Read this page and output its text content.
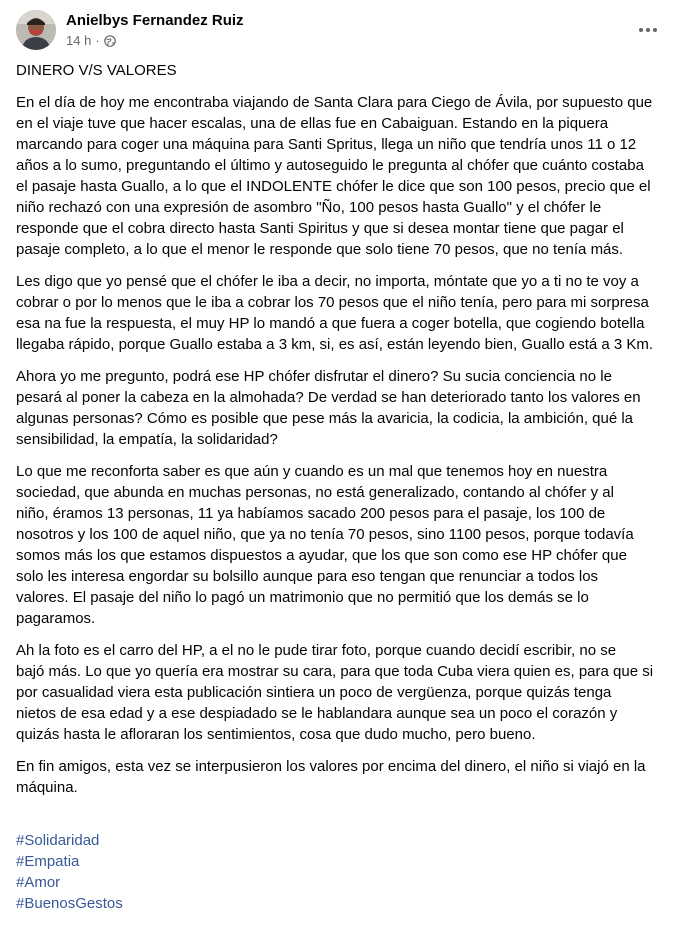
Anielbys Fernandez Ruiz
14 h ·

DINERO V/S VALORES

En el día de hoy me encontraba viajando de Santa Clara para Ciego de Ávila, por supuesto que
en el viaje tuve que hacer escalas, una de ellas fue en Cabaiguan. Estando en la piquera
marcando para coger una máquina para Santi Spritus, llega un niño que tendría unos 11 o 12
años a lo sumo, preguntando el último y autoseguido le pregunta al chófer que cuánto costaba
el pasaje hasta Guallo, a lo que el INDOLENTE chófer le dice que son 100 pesos, precio que el
niño rechazó con una expresión de asombro "Ño, 100 pesos hasta Guallo" y el chófer le
responde que el cobra directo hasta Santi Spiritus y que si desea montar tiene que pagar el
pasaje completo, a lo que el menor le responde que solo tiene 70 pesos, que no tenía más.

Les digo que yo pensé que el chófer le iba a decir, no importa, móntate que yo a ti no te voy a
cobrar o por lo menos que le iba a cobrar los 70 pesos que el niño tenía, pero para mi sorpresa
esa na fue la respuesta, el muy HP lo mandó a que fuera a coger botella, que cogiendo botella
llegaba rápido, porque Guallo estaba a 3 km, si, es así, están leyendo bien, Guallo está a 3 Km.

Ahora yo me pregunto, podrá ese HP chófer disfrutar el dinero? Su sucia conciencia no le
pesará al poner la cabeza en la almohada? De verdad se han deteriorado tanto los valores en
algunas personas? Cómo es posible que pese más la avaricia, la codicia, la ambición, qué la
sensibilidad, la empatía, la solidaridad?

Lo que me reconforta saber es que aún y cuando es un mal que tenemos hoy en nuestra
sociedad, que abunda en muchas personas, no está generalizado, contando al chófer y al
niño, éramos 13 personas, 11 ya habíamos sacado 200 pesos para el pasaje, los 100 de
nosotros y los 100 de aquel niño, que ya no tenía 70 pesos, sino 1100 pesos, porque todavía
somos más los que estamos dispuestos a ayudar, que los que son como ese HP chófer que
solo les interesa engordar su bolsillo aunque para eso tengan que renunciar a todos los
valores. El pasaje del niño lo pagó un matrimonio que no permitió que los demás se lo
pagaramos.

Ah la foto es el carro del HP, a el no le pude tirar foto, porque cuando decidí escribir, no se
bajó más. Lo que yo quería era mostrar su cara, para que toda Cuba viera quien es, para que si
por casualidad viera esta publicación sintiera un poco de vergüenza, porque quizás tenga
nietos de esa edad y a ese despiadado se le hablandara aunque sea un poco el corazón y
quizás hasta le afloraran los sentimientos, cosa que dudo mucho, pero bueno.

En fin amigos, esta vez se interpusieron los valores por encima del dinero, el niño si viajó en la
máquina.

#Solidaridad
#Empatia
#Amor
#BuenosGestos
